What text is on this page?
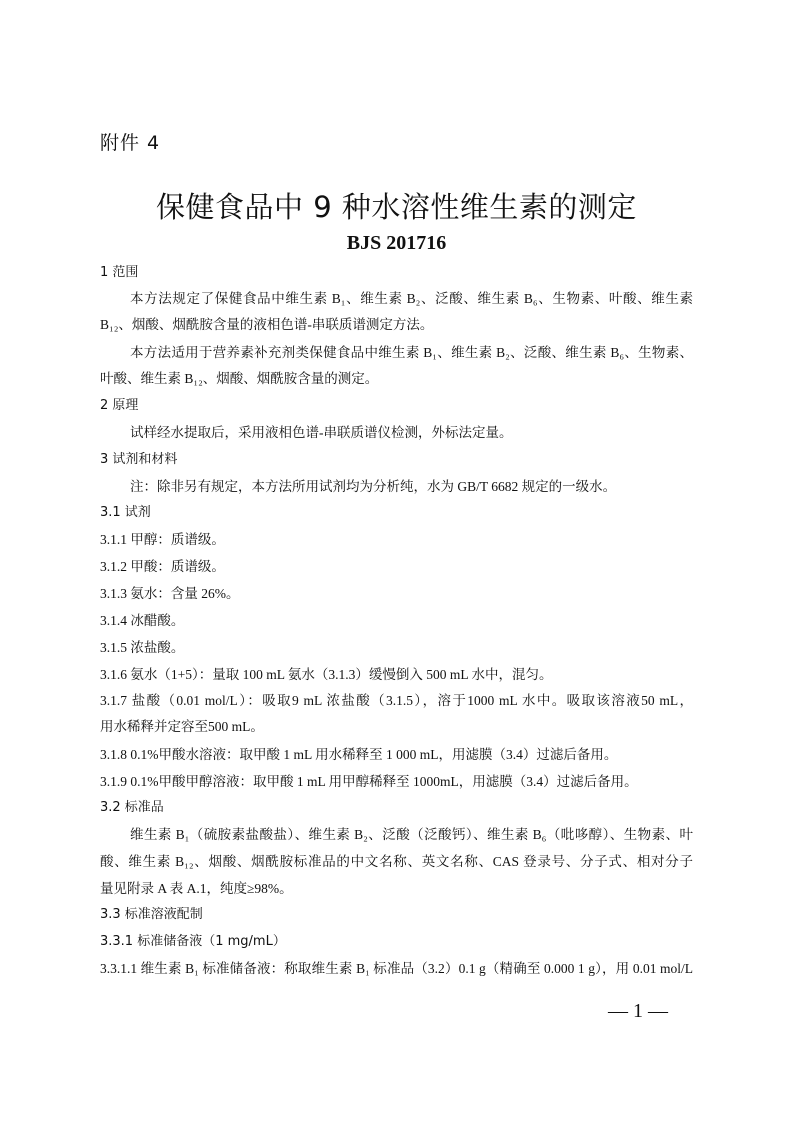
附件 4
保健食品中 9 种水溶性维生素的测定
BJS 201716
1 范围
本方法规定了保健食品中维生素 B₁、维生素 B₂、泛酸、维生素 B₆、生物素、叶酸、维生素
B₁₂、烟酸、烟酰胺含量的液相色谱-串联质谱测定方法。
本方法适用于营养素补充剂类保健食品中维生素 B₁、维生素 B₂、泛酸、维生素 B₆、生物素、
叶酸、维生素 B₁₂、烟酸、烟酰胺含量的测定。
2 原理
试样经水提取后，采用液相色谱-串联质谱仪检测，外标法定量。
3 试剂和材料
注：除非另有规定，本方法所用试剂均为分析纯，水为 GB/T 6682 规定的一级水。
3.1 试剂
3.1.1 甲醇：质谱级。
3.1.2 甲酸：质谱级。
3.1.3 氨水：含量 26%。
3.1.4 冰醋酸。
3.1.5 浓盐酸。
3.1.6 氨水（1+5）：量取 100 mL 氨水（3.1.3）缓慢倒入 500 mL 水中，混匀。
3.1.7 盐酸（0.01 mol/L）：吸取9 mL 浓盐酸（3.1.5），溶于1000 mL 水中。吸取该溶液50 mL，
用水稀释并定容至500 mL。
3.1.8 0.1%甲酸水溶液：取甲酸 1 mL 用水稀释至 1 000 mL，用滤膜（3.4）过滤后备用。
3.1.9 0.1%甲酸甲醇溶液：取甲酸 1 mL 用甲醇稀释至 1000mL，用滤膜（3.4）过滤后备用。
3.2 标准品
维生素 B₁（硫胺素盐酸盐）、维生素 B₂、泛酸（泛酸钙）、维生素 B₆（吡哆醇）、生物素、叶
酸、维生素 B₁₂、烟酸、烟酰胺标准品的中文名称、英文名称、CAS 登录号、分子式、相对分子
量见附录 A 表 A.1，纯度≥98%。
3.3 标准溶液配制
3.3.1 标准储备液（1 mg/mL）
3.3.1.1 维生素 B₁ 标准储备液：称取维生素 B₁ 标准品（3.2）0.1 g（精确至 0.000 1 g），用 0.01 mol/L
— 1 —
